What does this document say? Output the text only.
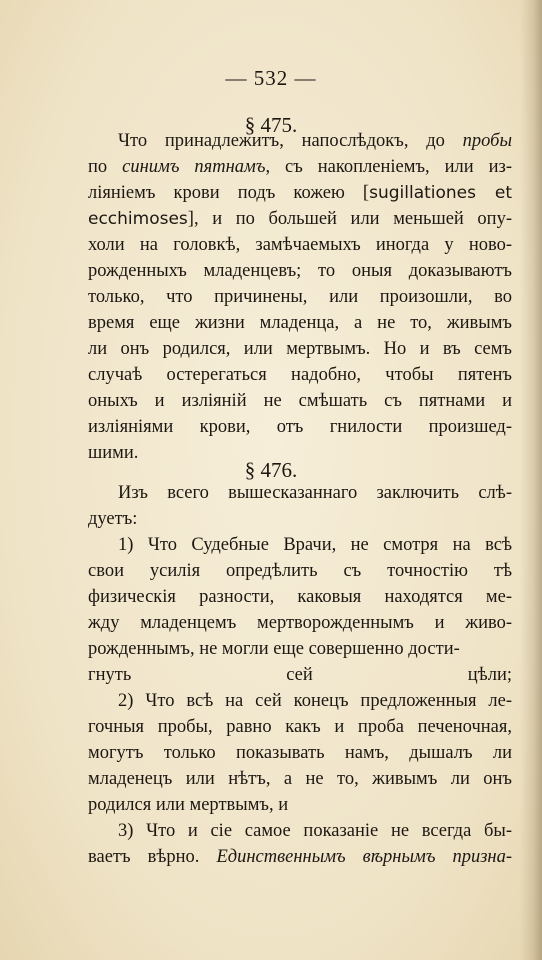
— 532 —
§ 475.
Что принадлежитъ, напослѣдокъ, до пробы
по синимъ пятнамъ, съ накопленіемъ, или из-
ліяніемъ крови подъ кожею [sugillationes et
ecchimoses], и по большей или меньшей опу-
холи на головкѣ, замѣчаемыхъ иногда у ново-
рожденныхъ младенцевъ; то оныя доказываютъ
только, что причинены, или произошли, во
время еще жизни младенца, а не то, живымъ
ли онъ родился, или мертвымъ. Но и въ семъ
случаѣ остерегаться надобно, чтобы пятенъ
оныхъ и изліяній не смѣшать съ пятнами и
изліяніями крови, отъ гнилости произшед-
шими.
§ 476.
Изъ всего вышесказаннаго заключить слѣ-
дуетъ:
1) Что Судебные Врачи, не смотря на всѣ
свои усилія опредѣлить съ точностію тѣ
физическія разности, каковыя находятся ме-
жду младенцемъ мертворожденнымъ и живо-
рожденнымъ, не могли еще совершенно дости-
гнуть сей цѣли;
2) Что всѣ на сей конецъ предложенныя ле-
гочныя пробы, равно какъ и проба печеночная,
могутъ только показывать намъ, дышалъ ли
младенецъ или нѣтъ, а не то, живымъ ли онъ
родился или мертвымъ, и
3) Что и сіе самое показаніе не всегда бы-
ваетъ вѣрно. Единственнымъ вѣрнымъ призна-
